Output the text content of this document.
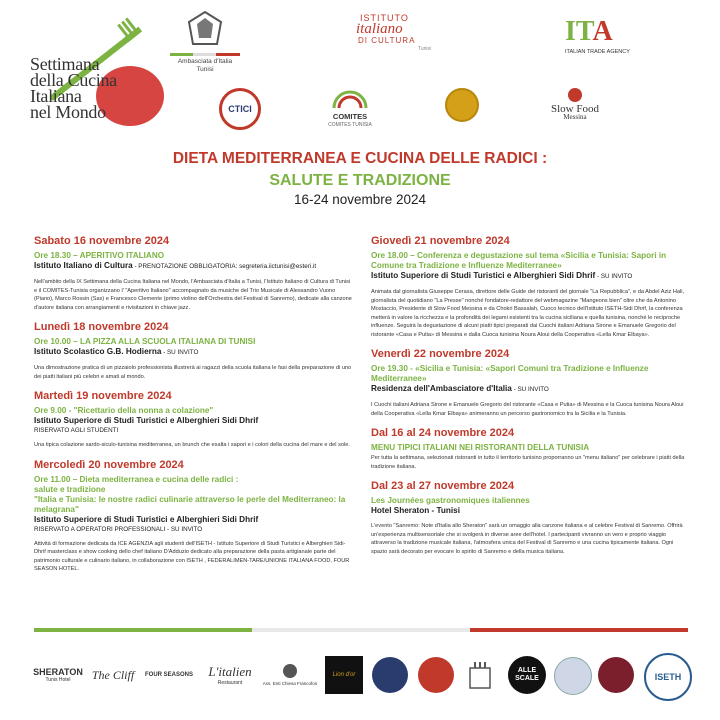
Settimana
della Cucina
Italiana
nel Mondo
Ambasciata d'Italia
Tunisi
ISTITUTO
italiano
DI CULTURA
Tunisi
ITA
ITALIAN TRADE AGENCY
CTICI
COMITES
COMITES TUNISIA
Slow Food
Messina
DIETA MEDITERRANEA E CUCINA DELLE RADICI :
SALUTE E TRADIZIONE
16-24 novembre 2024
Sabato 16 novembre 2024
Ore 18.30 – APERITIVO ITALIANO
Istituto Italiano di Cultura - PRENOTAZIONE OBBLIGATORIA: segreteria.iictunisi@esteri.it
Nell'ambito della IX Settimana della Cucina Italiana nel Mondo, l'Ambasciata d'Italia a Tunisi, l'Istituto Italiano di Cultura di Tunisi e il COMITES-Tunisia organizzano l' "Aperitivo Italiano" accompagnato da musiche del Trio Musicale di Alessandro Vuono (Piano), Marco Rossin (Sax) e Francesco Clemente (primo violino dell'Orchestra del Festival di Sanremo), dedicate alla canzone d'autore italiana con arrangiamenti e rivisitazioni in chiave jazz.
Lunedì 18 novembre 2024
Ore 10.00 – LA PIZZA ALLA SCUOLA ITALIANA DI TUNISI
Istituto Scolastico G.B. Hodierna - SU INVITO
Una dimostrazione pratica di un pizzaiolo professionista illustrerà ai ragazzi della scuola italiana le fasi della preparazione di uno dei piatti italiani più celebri e amati al mondo.
Martedì 19 novembre 2024
Ore 9.00 - "Ricettario della nonna a colazione"
Istituto Superiore di Studi Turistici e Alberghieri Sidi Dhrif
RISERVATO AGLI STUDENTI
Una tipica colazione sardo-siculo-tunisina mediterranea, un brunch che esalta i sapori e i colori della cucina del mare e del sole.
Mercoledì 20 novembre 2024
Ore 11.00 – Dieta mediterranea e cucina delle radici :
salute e tradizione
"Italia e Tunisia: le nostre radici culinarie attraverso le perle del Mediterraneo: la melagrana"
Istituto Superiore di Studi Turistici e Alberghieri Sidi Dhrif
RISERVATO A OPERATORI PROFESSIONALI - SU INVITO
Attività di formazione dedicata da ICE AGENZIA agli studenti dell'ISETH - Istituto Superiore di Studi Turistici e Alberghieri Sidi-Dhrif masterclass e show cooking dello chef italiano D'Adduzio dedicato alla preparazione della pasta artigianale parte del patrimonio culturale e culinario italiano, in collaborazione con ISETH , FEDERALIMEN-TARE/UNIONE ITALIANA FOOD, FOUR SEASON HOTEL.
Giovedì 21 novembre 2024
Ore 18.00 – Conferenza e degustazione sul tema «Sicilia e Tunisia: Sapori in Comune tra Tradizione e Influenze Mediterranee»
Istituto Superiore di Studi Turistici e Alberghieri Sidi Dhrif - SU INVITO
Animata dal giornalista Giuseppe Cerasa, direttore delle Guide dei ristoranti del giornale "La Repubblica", e da Abdel Aziz Hali, giornalista del quotidiano "La Presse" nonché fondatore-redattore del webmagazine "Mangeons bien" oltre che da Antonino Mostaccio, Presidente di Slow Food Messina e da Chokri Bassalah, Cuoco tecnico dell'Istituto ISETH-Sidi Dhrif, la conferenza metterà in valore la ricchezza e la profondità dei legami esistenti tra la cucina siciliana e quella tunisina, nonché le reciproche influenze. Seguirà la degustazione di alcuni piatti tipici preparati dai Cuochi italiani Adriana Sirone e Emanuele Gregorio del ristorante «Casa e Putia» di Messina e dalla Cuoca tunisina Noura Aloui della Cooperativa «Lella Kmar Elbaya».
Venerdì 22 novembre 2024
Ore 19.30 - «Sicilia e Tunisia: «Sapori Comuni tra Tradizione e Influenze Mediterranee»
Residenza dell'Ambasciatore d'Italia - SU INVITO
I Cuochi italiani Adriana Sirone e Emanuele Gregorio del ristorante «Casa e Putia» di Messina e la Cuoca tunisina Noura Aloui della Cooperativa «Lella Kmar Elbaya» animeranno un percorso gastronomico tra la Sicilia e la Tunisia.
Dal 16 al 24 novembre 2024
MENU TIPICI ITALIANI NEI RISTORANTI DELLA TUNISIA
Per tutta la settimana, selezionati ristoranti in tutto il territorio tunisino proporranno un "menu italiano" per celebrare i piatti della tradizione italiana.
Dal 23 al 27 novembre 2024
Les Journées gastronomiques italiennes
Hotel Sheraton - Tunisi
L'evento "Sanremo: Note d'Italia allo Sheraton" sarà un omaggio alla canzone italiana e al celebre Festival di Sanremo. Offrirà un'esperienza multisensoriale che si svolgerà in diverse aree dell'hotel. I partecipanti vivranno un vero e proprio viaggio attraverso la tradizione musicale italiana, l'atmosfera unica del Festival di Sanremo e una cucina tipicamente italiana. Ogni spazio sarà decorato per evocare lo spirito di Sanremo e della musica italiana.
SHERATON
Tunis Hotel	The Cliff	FOUR SEASONS L'italien
Restaurant	Ass. Enti Chiesa Francofon
Lion d'or
ALLE SCALE	ISETH
